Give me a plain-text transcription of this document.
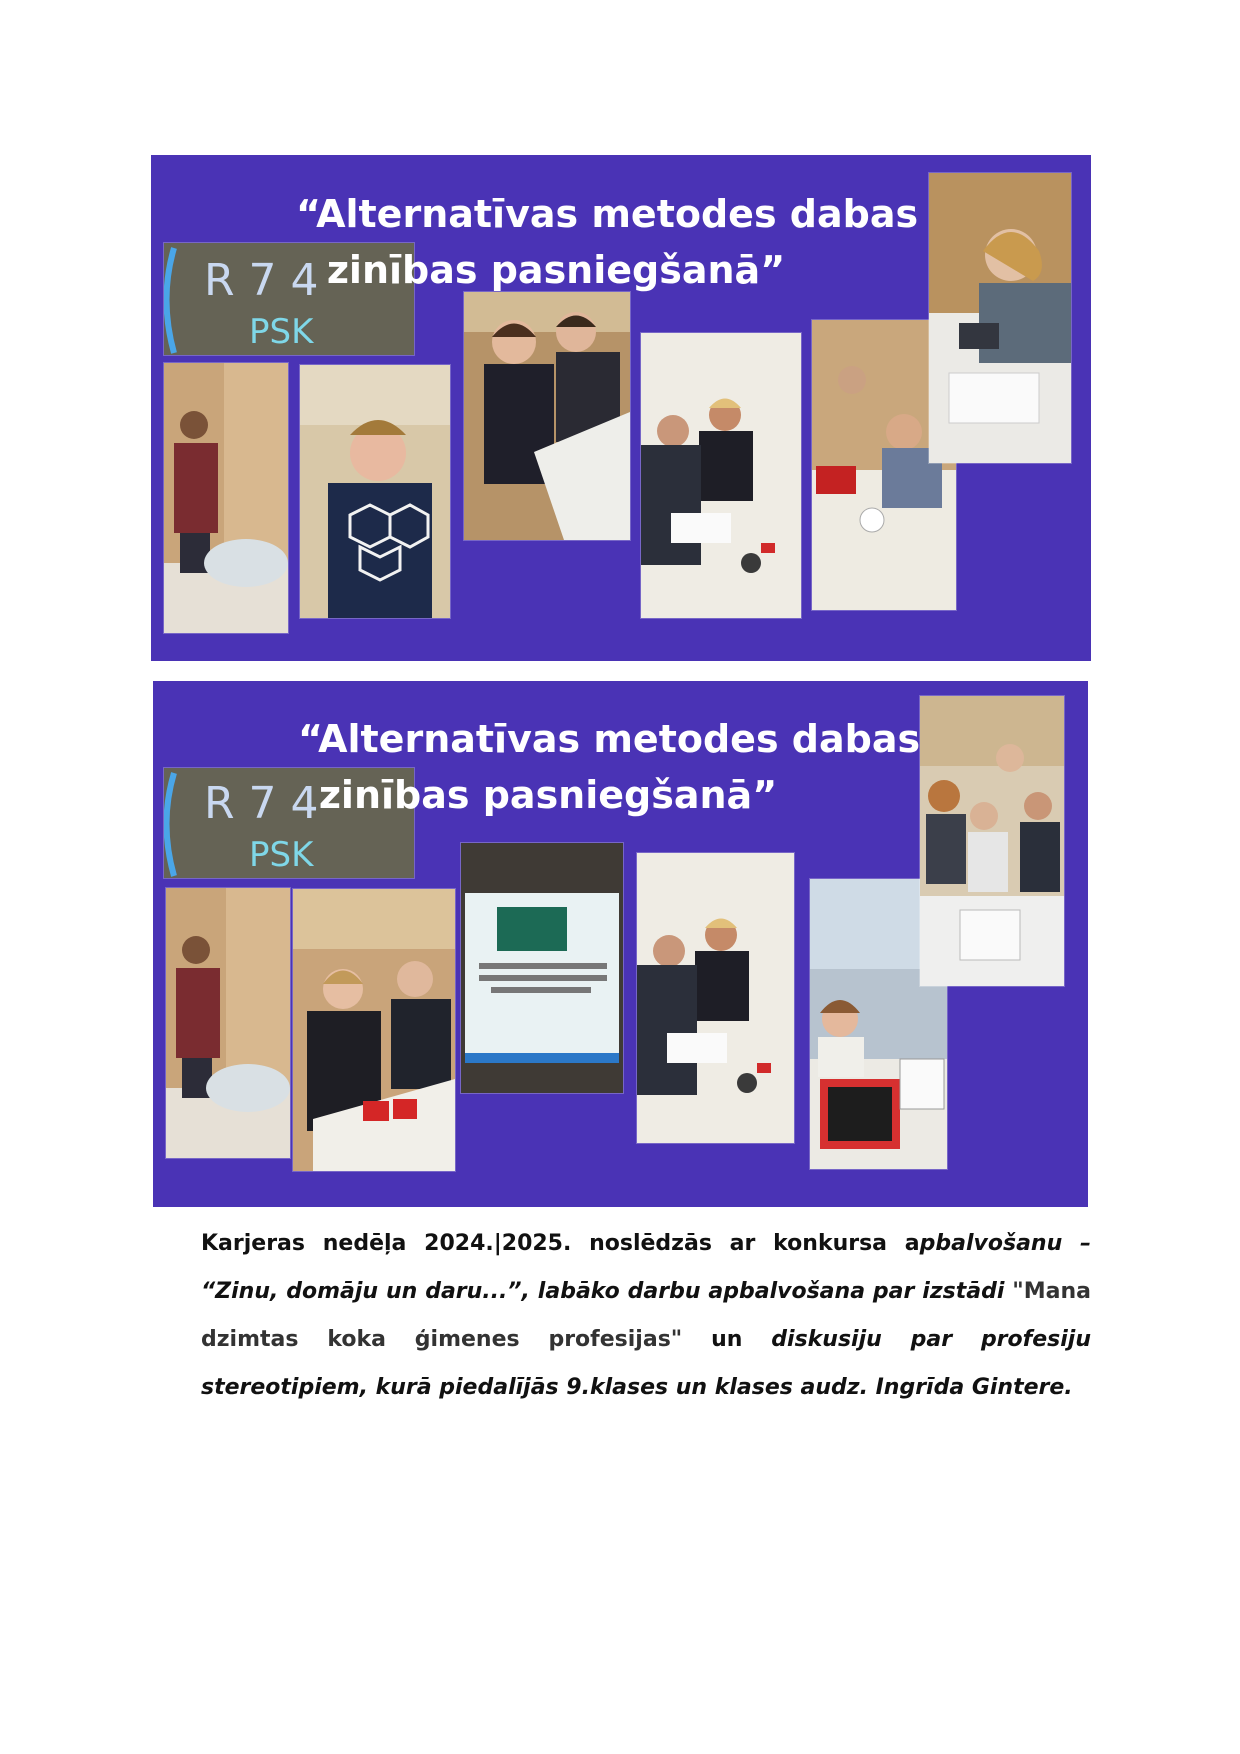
“Alternatīvas metodes dabas
zinības pasniegšanā”
R 7 4
PSK
“Alternatīvas metodes dabas
zinības pasniegšanā”
R 7 4
PSK
Karjeras nedēļa 2024.|2025. noslēdzās ar konkursa apbalvošanu – “Zinu, domāju un daru...”, labāko darbu apbalvošana par izstādi "Mana dzimtas koka ģimenes profesijas" un diskusiju par profesiju stereotipiem, kurā piedalījās 9.klases un klases audz. Ingrīda Gintere.
